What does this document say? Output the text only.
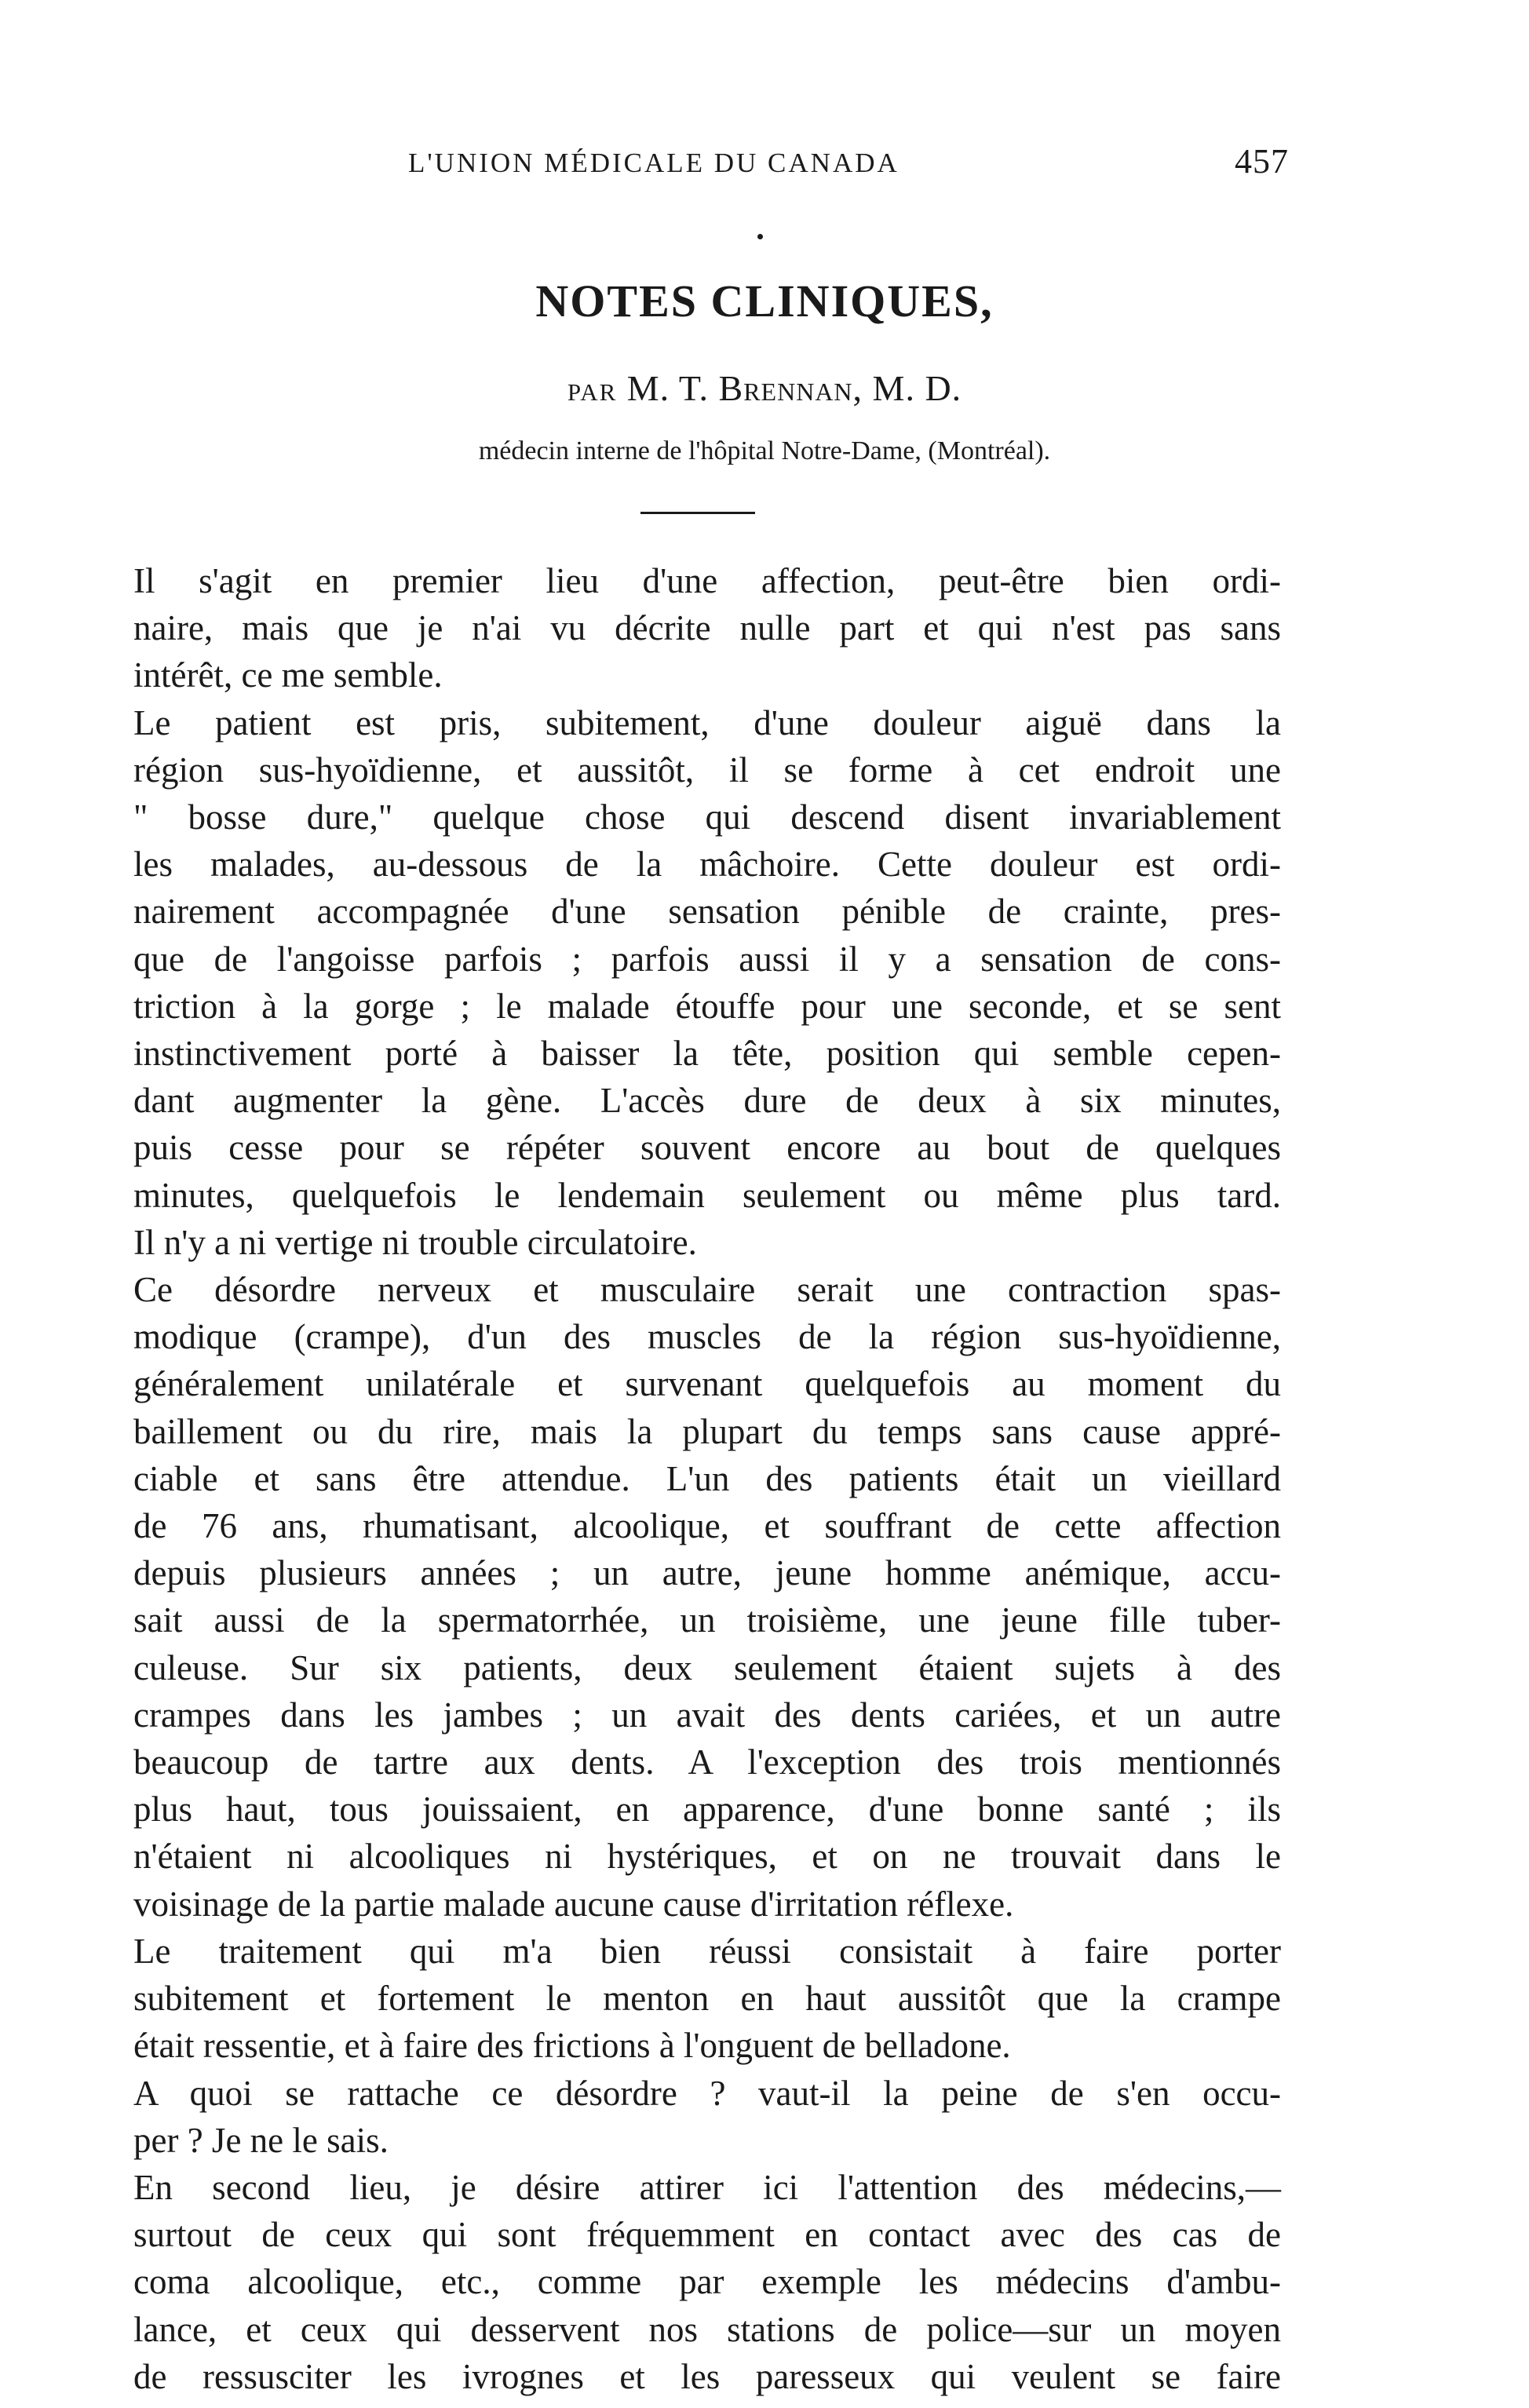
L'UNION MÉDICALE DU CANADA	457
NOTES CLINIQUES,
PAR M. T. Brennan, M. D.
médecin interne de l'hôpital Notre-Dame, (Montréal).

Il s'agit en premier lieu d'une affection, peut-être bien ordi-
naire, mais que je n'ai vu décrite nulle part et qui n'est pas sans
intérêt, ce me semble.

Le patient est pris, subitement, d'une douleur aiguë dans la
région sus-hyoïdienne, et aussitôt, il se forme à cet endroit une
" bosse dure," quelque chose qui descend disent invariablement
les malades, au-dessous de la mâchoire. Cette douleur est ordi-
nairement accompagnée d'une sensation pénible de crainte, pres-
que de l'angoisse parfois ; parfois aussi il y a sensation de cons-
triction à la gorge ; le malade étouffe pour une seconde, et se sent
instinctivement porté à baisser la tête, position qui semble cepen-
dant augmenter la gène. L'accès dure de deux à six minutes,
puis cesse pour se répéter souvent encore au bout de quelques
minutes, quelquefois le lendemain seulement ou même plus tard.
Il n'y a ni vertige ni trouble circulatoire.

Ce désordre nerveux et musculaire serait une contraction spas-
modique (crampe), d'un des muscles de la région sus-hyoïdienne,
généralement unilatérale et survenant quelquefois au moment du
baillement ou du rire, mais la plupart du temps sans cause appré-
ciable et sans être attendue. L'un des patients était un vieillard
de 76 ans, rhumatisant, alcoolique, et souffrant de cette affection
depuis plusieurs années ; un autre, jeune homme anémique, accu-
sait aussi de la spermatorrhée, un troisième, une jeune fille tuber-
culeuse. Sur six patients, deux seulement étaient sujets à des
crampes dans les jambes ; un avait des dents cariées, et un autre
beaucoup de tartre aux dents. A l'exception des trois mentionnés
plus haut, tous jouissaient, en apparence, d'une bonne santé ; ils
n'étaient ni alcooliques ni hystériques, et on ne trouvait dans le
voisinage de la partie malade aucune cause d'irritation réflexe.

Le traitement qui m'a bien réussi consistait à faire porter
subitement et fortement le menton en haut aussitôt que la crampe
était ressentie, et à faire des frictions à l'onguent de belladone.

A quoi se rattache ce désordre ? vaut-il la peine de s'en occu-
per ? Je ne le sais.

En second lieu, je désire attirer ici l'attention des médecins,—
surtout de ceux qui sont fréquemment en contact avec des cas de
coma alcoolique, etc., comme par exemple les médecins d'ambu-
lance, et ceux qui desservent nos stations de police—sur un moyen
de ressusciter les ivrognes et les paresseux qui veulent se faire
